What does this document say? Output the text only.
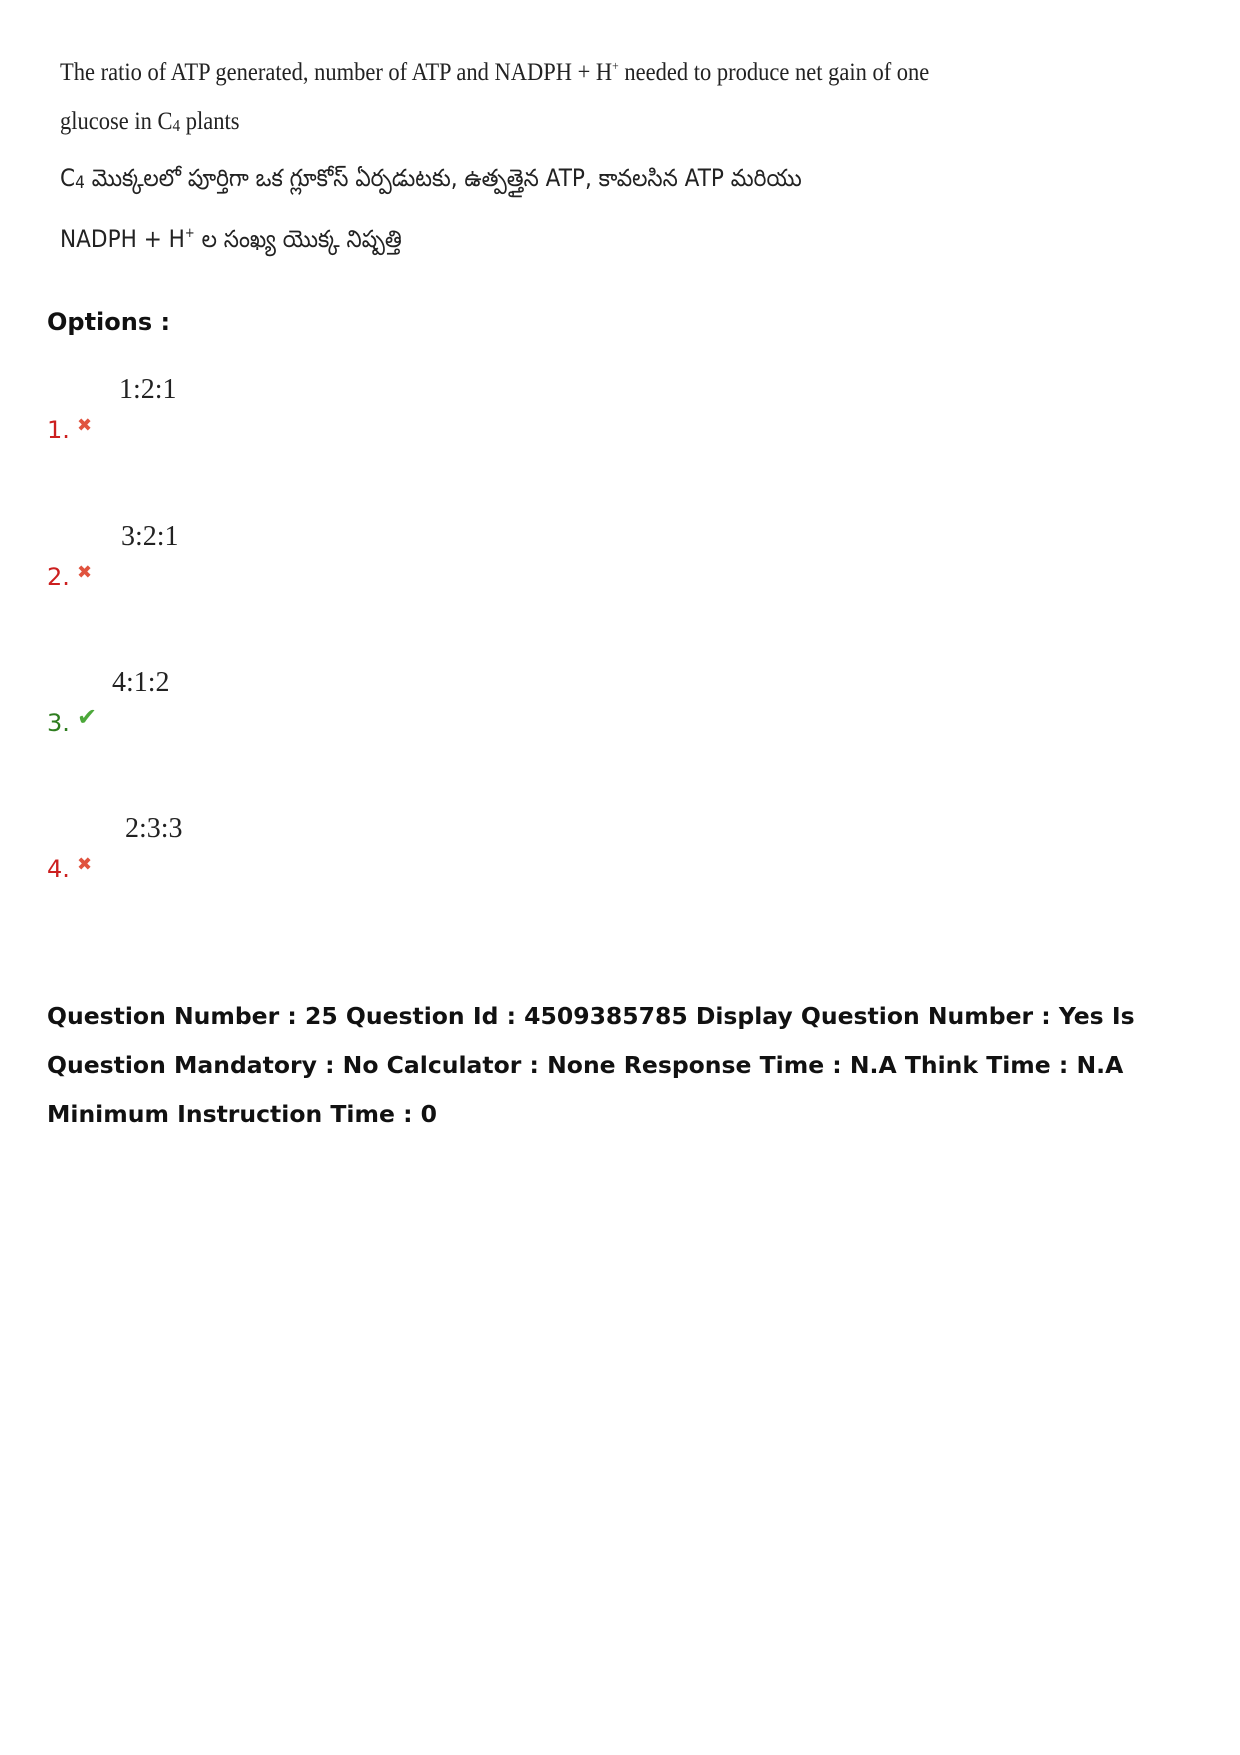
The ratio of ATP generated, number of ATP and NADPH + H+ needed to produce net gain of one
glucose in C4 plants
C4 మొక్కలలో పూర్తిగా ఒక గ్లూకోస్ ఏర్పడుటకు, ఉత్పత్తైన ATP, కావలసిన ATP మరియు
NADPH + H+ ల సంఖ్య యొక్క నిష్పత్తి
Options :
1. ✖
1:2:1
2. ✖
3:2:1
3. ✔
4:1:2
4. ✖
2:3:3
Question Number : 25 Question Id : 4509385785 Display Question Number : Yes Is Question Mandatory : No Calculator : None Response Time : N.A Think Time : N.A Minimum Instruction Time : 0
